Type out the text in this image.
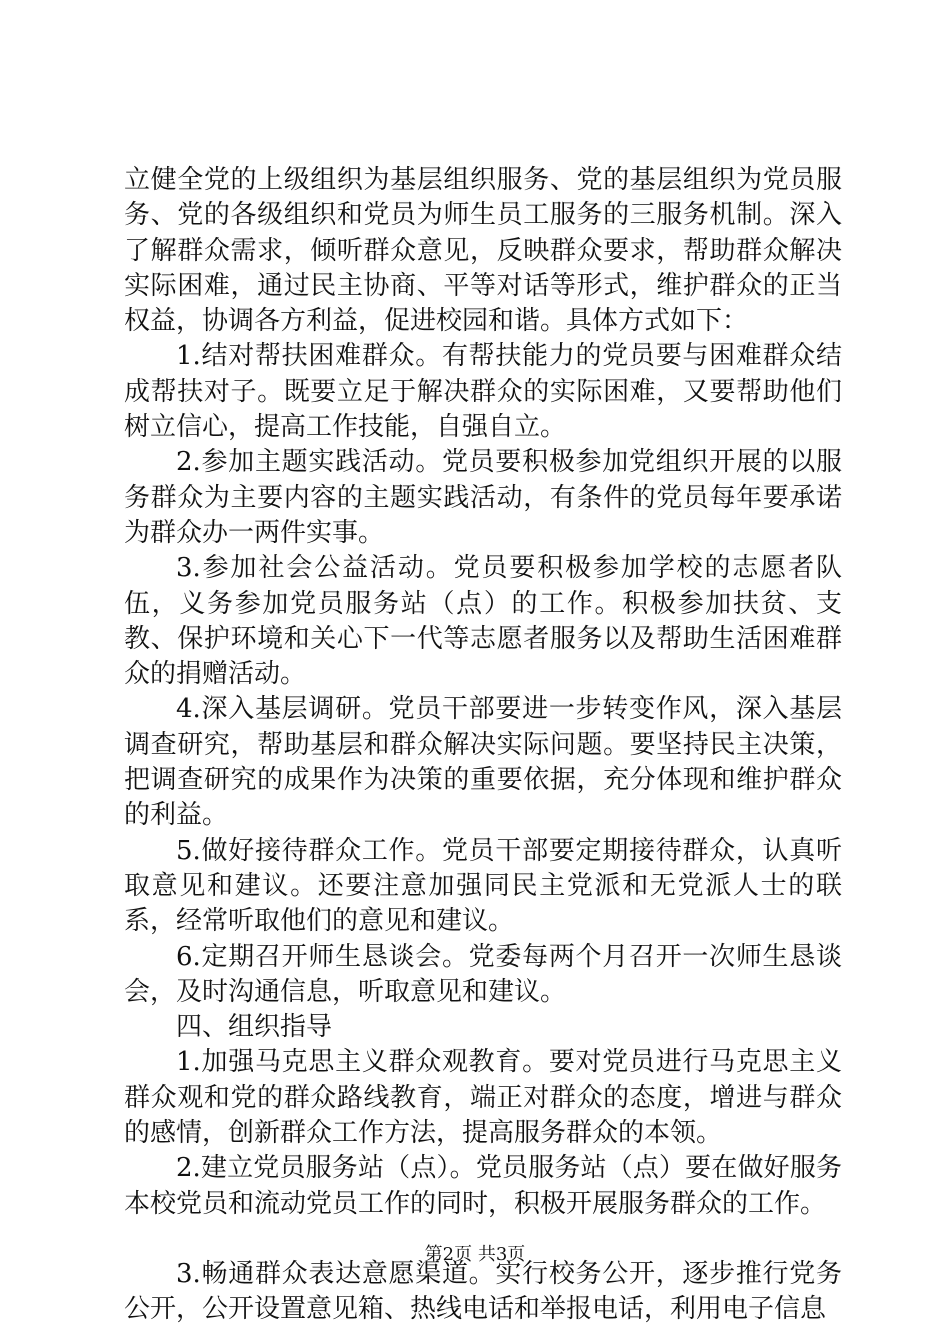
立健全党的上级组织为基层组织服务、党的基层组织为党员服务、党的各级组织和党员为师生员工服务的三服务机制。深入了解群众需求，倾听群众意见，反映群众要求，帮助群众解决实际困难，通过民主协商、平等对话等形式，维护群众的正当权益，协调各方利益，促进校园和谐。具体方式如下：

1.结对帮扶困难群众。有帮扶能力的党员要与困难群众结成帮扶对子。既要立足于解决群众的实际困难，又要帮助他们树立信心，提高工作技能，自强自立。

2.参加主题实践活动。党员要积极参加党组织开展的以服务群众为主要内容的主题实践活动，有条件的党员每年要承诺为群众办一两件实事。

3.参加社会公益活动。党员要积极参加学校的志愿者队伍，义务参加党员服务站（点）的工作。积极参加扶贫、支教、保护环境和关心下一代等志愿者服务以及帮助生活困难群众的捐赠活动。

4.深入基层调研。党员干部要进一步转变作风，深入基层调查研究，帮助基层和群众解决实际问题。要坚持民主决策，把调查研究的成果作为决策的重要依据，充分体现和维护群众的利益。

5.做好接待群众工作。党员干部要定期接待群众，认真听取意见和建议。还要注意加强同民主党派和无党派人士的联系，经常听取他们的意见和建议。

6.定期召开师生恳谈会。党委每两个月召开一次师生恳谈会，及时沟通信息，听取意见和建议。

四、组织指导

1.加强马克思主义群众观教育。要对党员进行马克思主义群众观和党的群众路线教育，端正对群众的态度，增进与群众的感情，创新群众工作方法，提高服务群众的本领。

2.建立党员服务站（点）。党员服务站（点）要在做好服务本校党员和流动党员工作的同时，积极开展服务群众的工作。

3.畅通群众表达意愿渠道。实行校务公开，逐步推行党务公开，公开设置意见箱、热线电话和举报电话，利用电子信息

第2页 共3页
